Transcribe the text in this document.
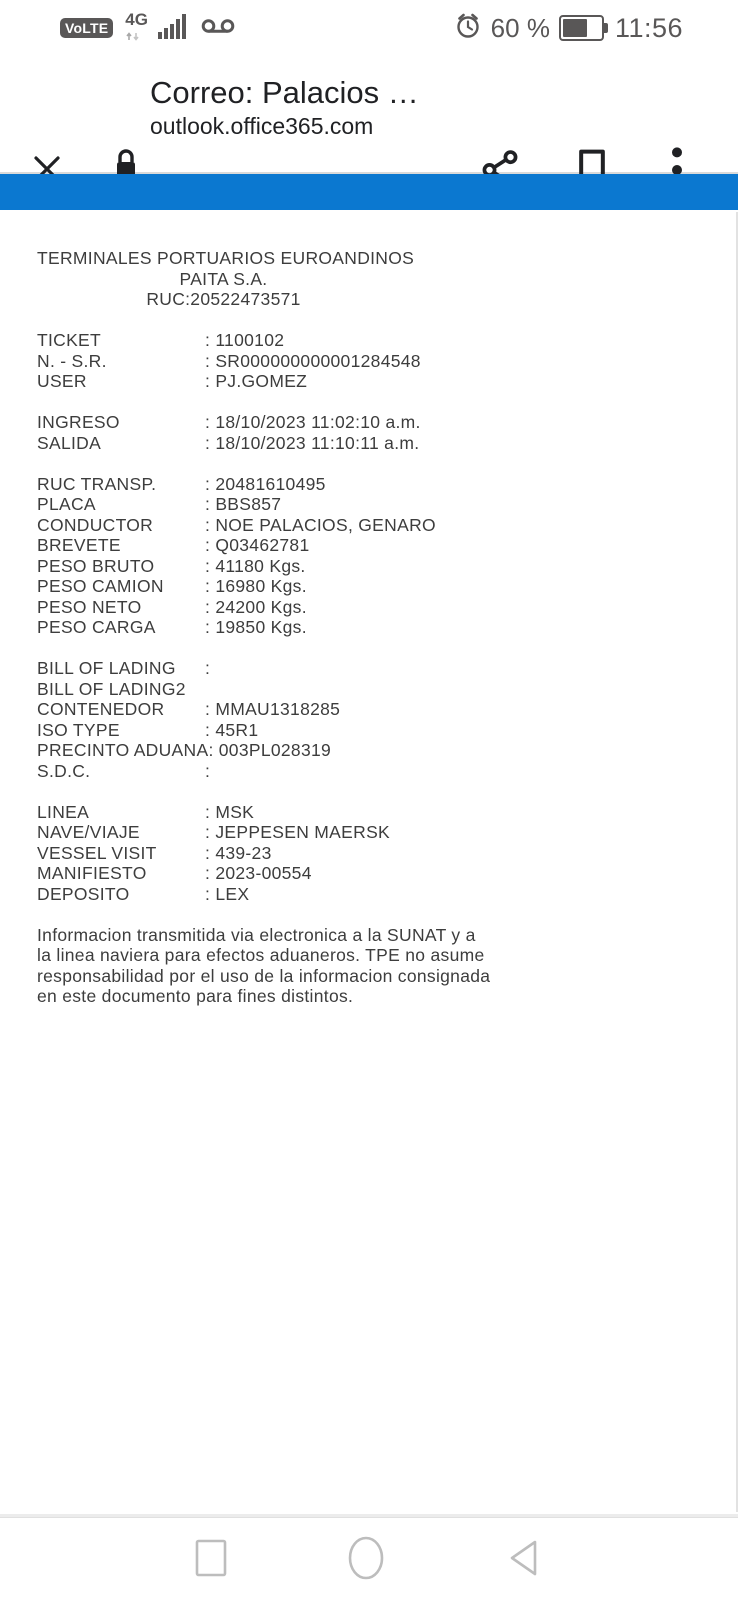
VoLTE 4G	60 % 11:56
Correo: Palacios …
outlook.office365.com
TERMINALES PORTUARIOS EUROANDINOS
PAITA S.A.
RUC:20522473571
TICKET	: 1100102
N. - S.R.	: SR000000000001284548
USER	: PJ.GOMEZ
INGRESO	: 18/10/2023 11:02:10 a.m.
SALIDA	: 18/10/2023 11:10:11 a.m.
RUC TRANSP.	: 20481610495
PLACA	: BBS857
CONDUCTOR	: NOE PALACIOS, GENARO
BREVETE	: Q03462781
PESO BRUTO	: 41180 Kgs.
PESO CAMION	: 16980 Kgs.
PESO NETO	: 24200 Kgs.
PESO CARGA	: 19850 Kgs.
BILL OF LADING	:
BILL OF LADING2
CONTENEDOR	: MMAU1318285
ISO TYPE	: 45R1
PRECINTO ADUANA : 003PL028319
S.D.C.	:
LINEA	: MSK
NAVE/VIAJE	: JEPPESEN MAERSK
VESSEL VISIT	: 439-23
MANIFIESTO	: 2023-00554
DEPOSITO	: LEX
Informacion transmitida via electronica a la SUNAT y a
la linea naviera para efectos aduaneros. TPE no asume
responsabilidad por el uso de la informacion consignada
en este documento para fines distintos.
